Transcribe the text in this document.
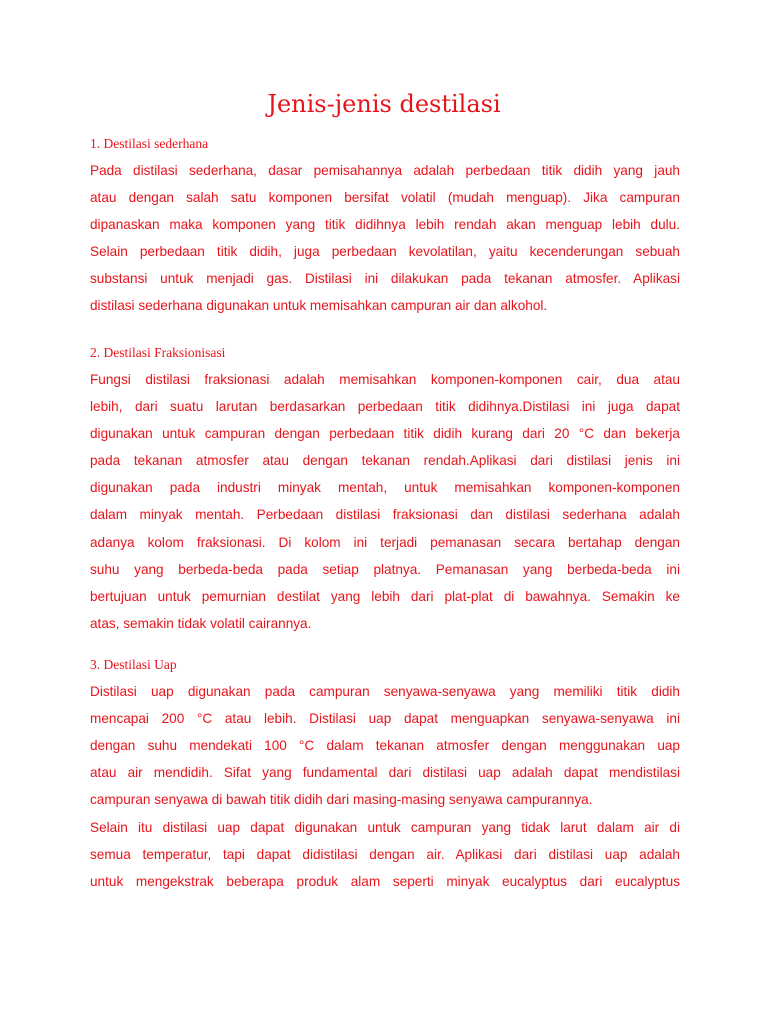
Jenis-jenis destilasi
1. Destilasi sederhana
Pada distilasi sederhana, dasar pemisahannya adalah perbedaan titik didih yang jauh
atau dengan salah satu komponen bersifat volatil (mudah menguap). Jika campuran
dipanaskan maka komponen yang titik didihnya lebih rendah akan menguap lebih dulu.
Selain perbedaan titik didih, juga perbedaan kevolatilan, yaitu kecenderungan sebuah
substansi untuk menjadi gas. Distilasi ini dilakukan pada tekanan atmosfer. Aplikasi
distilasi sederhana digunakan untuk memisahkan campuran air dan alkohol.
2. Destilasi Fraksionisasi
Fungsi distilasi fraksionasi adalah memisahkan komponen-komponen cair, dua atau
lebih, dari suatu larutan berdasarkan perbedaan titik didihnya.Distilasi ini juga dapat
digunakan untuk campuran dengan perbedaan titik didih kurang dari 20 °C dan bekerja
pada tekanan atmosfer atau dengan tekanan rendah.Aplikasi dari distilasi jenis ini
digunakan pada industri minyak mentah, untuk memisahkan komponen-komponen
dalam minyak mentah. Perbedaan distilasi fraksionasi dan distilasi sederhana adalah
adanya kolom fraksionasi. Di kolom ini terjadi pemanasan secara bertahap dengan
suhu yang berbeda-beda pada setiap platnya. Pemanasan yang berbeda-beda ini
bertujuan untuk pemurnian destilat yang lebih dari plat-plat di bawahnya. Semakin ke
atas, semakin tidak volatil cairannya.
3. Destilasi Uap
Distilasi uap digunakan pada campuran senyawa-senyawa yang memiliki titik didih
mencapai 200 °C atau lebih. Distilasi uap dapat menguapkan senyawa-senyawa ini
dengan suhu mendekati 100 °C dalam tekanan atmosfer dengan menggunakan uap
atau air mendidih. Sifat yang fundamental dari distilasi uap adalah dapat mendistilasi
campuran senyawa di bawah titik didih dari masing-masing senyawa campurannya.
Selain itu distilasi uap dapat digunakan untuk campuran yang tidak larut dalam air di
semua temperatur, tapi dapat didistilasi dengan air. Aplikasi dari distilasi uap adalah
untuk mengekstrak beberapa produk alam seperti minyak eucalyptus dari eucalyptus
